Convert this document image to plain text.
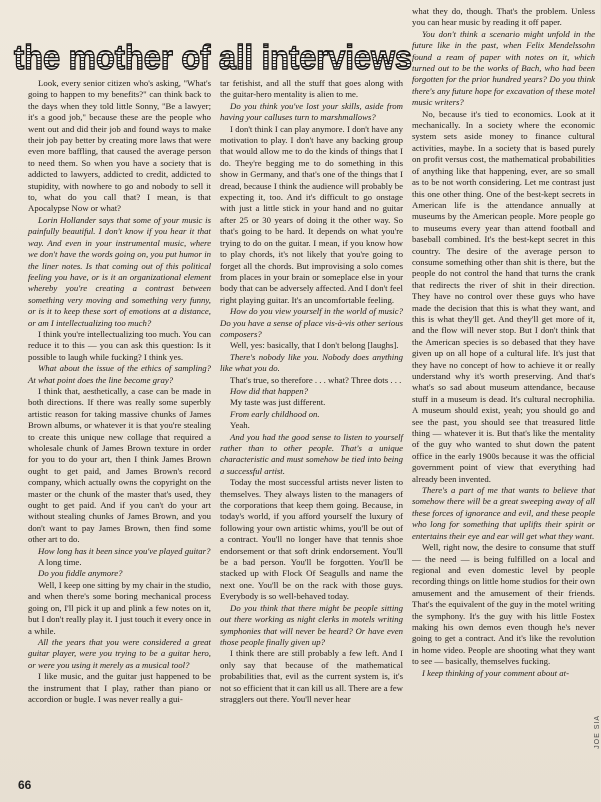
the mother of all interviews

Look, every senior citizen who's asking, "What's going to happen to my benefits?" can think back to the days when they told little Sonny, "Be a lawyer; it's a good job," because these are the people who went out and did their job and found ways to make their job pay better by creating more laws that were even more baffling, that caused the average person to need them. So when you have a society that is addicted to lawyers, addicted to credit, addicted to stupidity, with nowhere to go and nobody to sell it to, what do you call that? I mean, is that Apocalypse Now or what?

Lorin Hollander says that some of your music is painfully beautiful. I don't know if you hear it that way. And even in your instrumental music, where we don't have the words going on, you put humor in the liner notes. Is that coming out of this political feeling you have, or is it an organizational element whereby you're creating a contrast between something very moving and something very funny, or is it to keep these sort of emotions at a distance, or am I intellectualizing too much?

I think you're intellectualizing too much. You can reduce it to this — you can ask this question: Is it possible to laugh while fucking? I think yes.

What about the issue of the ethics of sampling? At what point does the line become gray?

I think that, aesthetically, a case can be made in both directions. If there was really some superbly artistic reason for taking massive chunks of James Brown albums, or whatever it is that you're stealing to create this unique new collage that required a wholesale chunk of James Brown texture in order for you to do your art, then I think James Brown ought to get paid, and James Brown's record company, which actually owns the copyright on the master or the chunk of the master that's used, they ought to get paid. And if you can't do your art without stealing chunks of James Brown, and you don't want to pay James Brown, then find some other art to do.

How long has it been since you've played guitar?

A long time.

Do you fiddle anymore?

Well, I keep one sitting by my chair in the studio, and when there's some boring mechanical process going on, I'll pick it up and plink a few notes on it, but I don't really play it. I just touch it every once in a while.

All the years that you were considered a great guitar player, were you trying to be a guitar hero, or were you using it merely as a musical tool?

I like music, and the guitar just happened to be the instrument that I play, rather than piano or accordion or bugle. I was never really a gui-

tar fetishist, and all the stuff that goes along with the guitar-hero mentality is alien to me.

Do you think you've lost your skills, aside from having your calluses turn to marshmallows?

I don't think I can play anymore. I don't have any motivation to play. I don't have any backing group that would allow me to do the kinds of things that I do. They're begging me to do something in this show in Germany, and that's one of the things that I dread, because I think the audience will probably be expecting it, too. And it's difficult to go onstage with just a little stick in your hand and no guitar after 25 or 30 years of doing it the other way. So that's going to be hard. It depends on what you're trying to do on the guitar. I mean, if you know how to play chords, it's not likely that you're going to forget all the chords. But improvising a solo comes from places in your brain or someplace else in your body that can be adversely affected. And I don't feel right playing guitar. It's an uncomfortable feeling.

How do you view yourself in the world of music? Do you have a sense of place vis-à-vis other serious composers?

Well, yes: basically, that I don't belong [laughs].

There's nobody like you. Nobody does anything like what you do.

That's true, so therefore . . . what? Three dots . . .

How did that happen?

My taste was just different.

From early childhood on.

Yeah.

And you had the good sense to listen to yourself rather than to other people. That's a unique characteristic and must somehow be tied into being a successful artist.

Today the most successful artists never listen to themselves. They always listen to the managers of the corporations that keep them going. Because, in today's world, if you afford yourself the luxury of following your own artistic whims, you'll be out of a contract. You'll no longer have that tennis shoe endorsement or that soft drink endorsement. You'll be a bad person. You'll be forgotten. You'll be stacked up with Flock Of Seagulls and name the next one. You'll be on the rack with those guys. Everybody is so well-behaved today.

Do you think that there might be people sitting out there working as night clerks in motels writing symphonies that will never be heard? Or have even those people finally given up?

I think there are still probably a few left. And I only say that because of the mathematical probabilities that, evil as the current system is, it's not so efficient that it can kill us all. There are a few stragglers out there. You'll never hear

what they do, though. That's the problem. Unless you can hear music by reading it off paper.

You don't think a scenario might unfold in the future like in the past, when Felix Mendelssohn found a ream of paper with notes on it, which turned out to be the works of Bach, who had been forgotten for the prior hundred years? Do you think there's any future hope for excavation of these motel music writers?

No, because it's tied to economics. Look at it mechanically. In a society where the economic system sets aside money to finance cultural activities, maybe. In a society that is based purely on profit versus cost, the mathematical probabilities of anything like that happening, ever, are so small as to be not worth considering. Let me contrast just this one other thing. One of the best-kept secrets in American life is the attendance annually at museums by the American people. More people go to museums every year than attend football and baseball combined. It's the best-kept secret in this country. The desire of the average person to consume something other than shit is there, but the people do not control the hand that turns the crank that redirects the river of shit in their direction. They have no control over these guys who have made the decision that this is what they want, and this is what they'll get. And they'll get more of it, and the flow will never stop. But I don't think that the American species is so debased that they have given up on all hope of a cultural life. It's just that they have no concept of how to achieve it or really understand why it's worth preserving. And that's what's so sad about museum attendance, because stuff in a museum is dead. It's cultural necrophilia. A museum should exist, yeah; you should go and see the past, you should see that treasured little thing — whatever it is. But that's like the mentality of the guy who wanted to shut down the patent office in the early 1900s because it was the official government point of view that everything had already been invented.

There's a part of me that wants to believe that somehow there will be a great sweeping away of all these forces of ignorance and evil, and these people who long for something that uplifts their spirit or entertains their eye and ear will get what they want.

Well, right now, the desire to consume that stuff — the need — is being fulfilled on a local and regional and even domestic level by people recording things on little home studios for their own amusement and the amusement of their friends. That's the equivalent of the guy in the motel writing the symphony. It's the guy with his little Fostex making his own demos even though he's never going to get a contract. And it's like the revolution in home video. People are shooting what they want to see — basically, themselves fucking.

I keep thinking of your comment about at-

66
JOE SIA
